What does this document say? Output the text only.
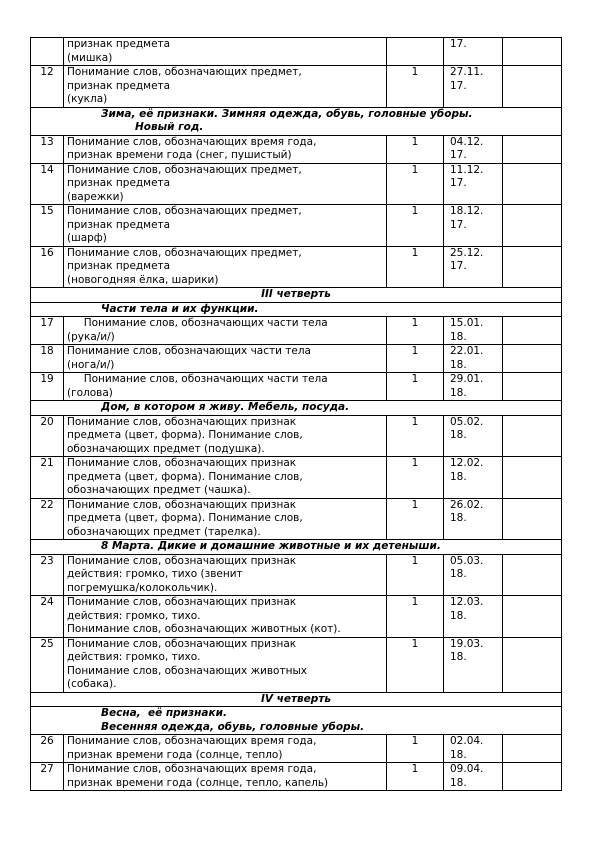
	признак предмета
(мишка)		17.	

12	Понимание слов, обозначающих предмет,
признак предмета
(кукла)	1	27.11.
17.	

Зима, её признаки. Зимняя одежда, обувь, головные уборы.
Новый год.				

13	Понимание слов, обозначающих время года,
признак времени года (снег, пушистый)	1	04.12.
17.	

14	Понимание слов, обозначающих предмет,
признак предмета
(варежки)	1	11.12.
17.	

15	Понимание слов, обозначающих предмет,
признак предмета
(шарф)	1	18.12.
17.	

16	Понимание слов, обозначающих предмет,
признак предмета
(новогодняя ёлка, шарики)	1	25.12.
17.	

III четверть				

Части тела и их функции.				

17	Понимание слов, обозначающих части тела
(рука/и/)	1	15.01.
18.	

18	Понимание слов, обозначающих части тела
(нога/и/)	1	22.01.
18.	

19	Понимание слов, обозначающих части тела
(голова)	1	29.01.
18.	

Дом, в котором я живу. Мебель, посуда.				

20	Понимание слов, обозначающих признак
предмета (цвет, форма). Понимание слов,
обозначающих предмет (подушка).	1	05.02.
18.	

21	Понимание слов, обозначающих признак
предмета (цвет, форма). Понимание слов,
обозначающих предмет (чашка).	1	12.02.
18.	

22	Понимание слов, обозначающих признак
предмета (цвет, форма). Понимание слов,
обозначающих предмет (тарелка).	1	26.02.
18.	

8 Марта. Дикие и домашние животные и их детеныши.				

23	Понимание слов, обозначающих признак
действия: громко, тихо (звенит
погремушка/колокольчик).	1	05.03.
18.	

24	Понимание слов, обозначающих признак
действия: громко, тихо.
Понимание слов, обозначающих животных (кот).	1	12.03.
18.	

25	Понимание слов, обозначающих признак
действия: громко, тихо.
Понимание слов, обозначающих животных
(собака).	1	19.03.
18.	

IV четверть				

Весна,  её признаки.
Весенняя одежда, обувь, головные уборы.				

26	Понимание слов, обозначающих время года,
признак времени года (солнце, тепло)	1	02.04.
18.	

27	Понимание слов, обозначающих время года,
признак времени года (солнце, тепло, капель)	1	09.04.
18.	
